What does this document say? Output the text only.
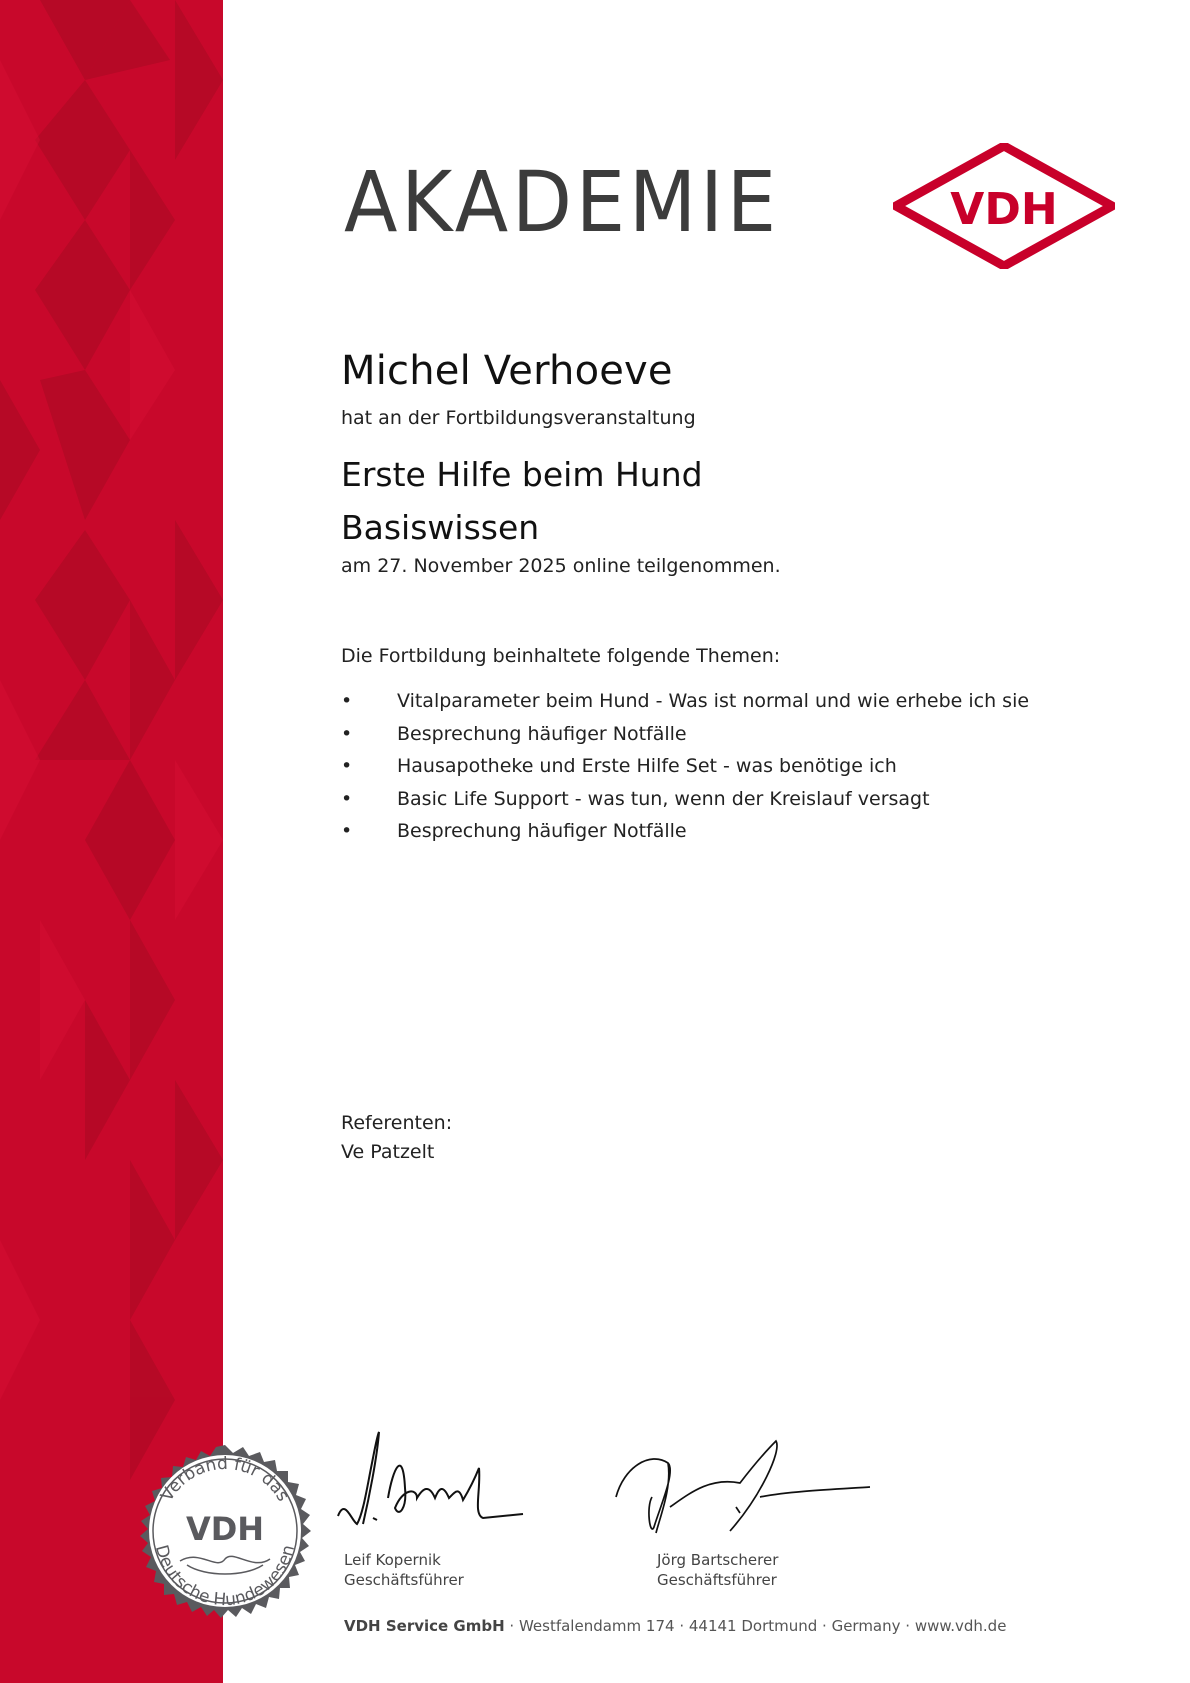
AKADEMIE	VDH
Michel Verhoeve
hat an der Fortbildungsveranstaltung
Erste Hilfe beim Hund
Basiswissen
am 27. November 2025 online teilgenommen.
Die Fortbildung beinhaltete folgende Themen:
• Vitalparameter beim Hund - Was ist normal und wie erhebe ich sie
• Besprechung häufiger Notfälle
• Hausapotheke und Erste Hilfe Set - was benötige ich
• Basic Life Support - was tun, wenn der Kreislauf versagt
• Besprechung häufiger Notfälle
Referenten:
Ve Patzelt
Verband für das
VDH
Deutsche Hundewesen
Leif Kopernik
Geschäftsführer
Jörg Bartscherer
Geschäftsführer
VDH Service GmbH · Westfalendamm 174 · 44141 Dortmund · Germany · www.vdh.de
